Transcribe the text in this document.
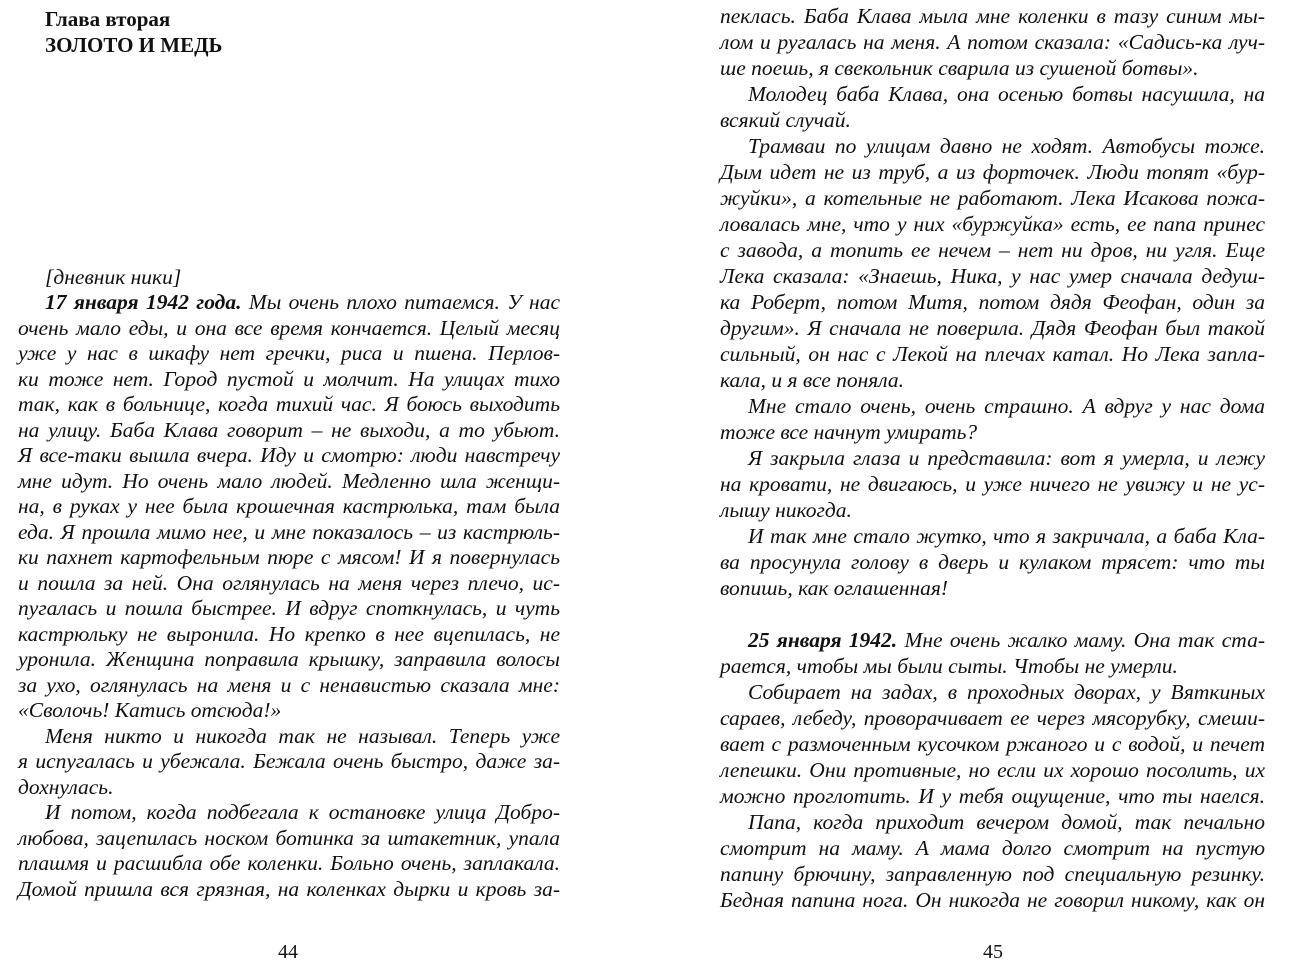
Глава вторая
ЗОЛОТО И МЕДЬ
[дневник ники]
17 января 1942 года. Мы очень плохо питаемся. У нас
очень мало еды, и она все время кончается. Целый месяц
уже у нас в шкафу нет гречки, риса и пшена. Перлов-
ки тоже нет. Город пустой и молчит. На улицах тихо
так, как в больнице, когда тихий час. Я боюсь выходить
на улицу. Баба Клава говорит – не выходи, а то убьют.
Я все-таки вышла вчера. Иду и смотрю: люди навстречу
мне идут. Но очень мало людей. Медленно шла женщи-
на, в руках у нее была крошечная кастрюлька, там была
еда. Я прошла мимо нее, и мне показалось – из кастрюль-
ки пахнет картофельным пюре с мясом! И я повернулась
и пошла за ней. Она оглянулась на меня через плечо, ис-
пугалась и пошла быстрее. И вдруг споткнулась, и чуть
кастрюльку не выронила. Но крепко в нее вцепилась, не
уронила. Женщина поправила крышку, заправила волосы
за ухо, оглянулась на меня и с ненавистью сказала мне:
«Сволочь! Катись отсюда!»
Меня никто и никогда так не называл. Теперь уже
я испугалась и убежала. Бежала очень быстро, даже за-
дохнулась.
И потом, когда подбегала к остановке улица Добро-
любова, зацепилась носком ботинка за штакетник, упала
плашмя и расшибла обе коленки. Больно очень, заплакала.
Домой пришла вся грязная, на коленках дырки и кровь за-
44
пеклась. Баба Клава мыла мне коленки в тазу синим мы-
лом и ругалась на меня. А потом сказала: «Садись-ка луч-
ше поешь, я свекольник сварила из сушеной ботвы».
Молодец баба Клава, она осенью ботвы насушила, на
всякий случай.
Трамваи по улицам давно не ходят. Автобусы тоже.
Дым идет не из труб, а из форточек. Люди топят «бур-
жуйки», а котельные не работают. Лека Исакова пожа-
ловалась мне, что у них «буржуйка» есть, ее папа принес
с завода, а топить ее нечем – нет ни дров, ни угля. Еще
Лека сказала: «Знаешь, Ника, у нас умер сначала дедуш-
ка Роберт, потом Митя, потом дядя Феофан, один за
другим». Я сначала не поверила. Дядя Феофан был такой
сильный, он нас с Лекой на плечах катал. Но Лека запла-
кала, и я все поняла.
Мне стало очень, очень страшно. А вдруг у нас дома
тоже все начнут умирать?
Я закрыла глаза и представила: вот я умерла, и лежу
на кровати, не двигаюсь, и уже ничего не увижу и не ус-
лышу никогда.
И так мне стало жутко, что я закричала, а баба Кла-
ва просунула голову в дверь и кулаком трясет: что ты
вопишь, как оглашенная!
25 января 1942. Мне очень жалко маму. Она так ста-
рается, чтобы мы были сыты. Чтобы не умерли.
Собирает на задах, в проходных дворах, у Вяткиных
сараев, лебеду, проворачивает ее через мясорубку, смеши-
вает с размоченным кусочком ржаного и с водой, и печет
лепешки. Они противные, но если их хорошо посолить, их
можно проглотить. И у тебя ощущение, что ты наелся.
Папа, когда приходит вечером домой, так печально
смотрит на маму. А мама долго смотрит на пустую
папину брючину, заправленную под специальную резинку.
Бедная папина нога. Он никогда не говорил никому, как он
45
